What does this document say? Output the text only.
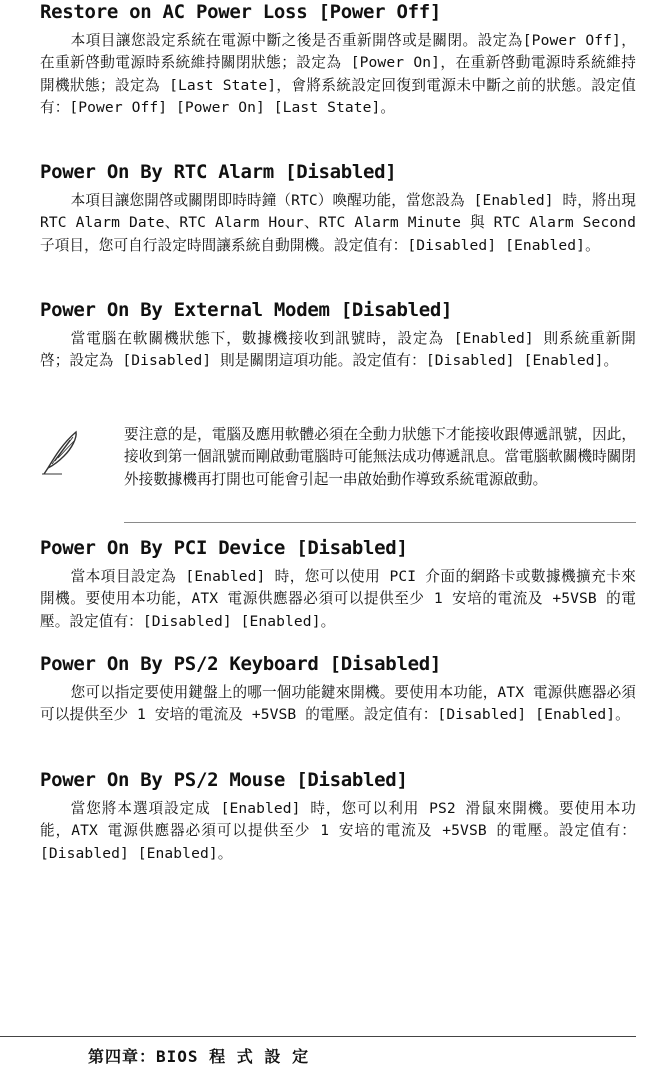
Restore on AC Power Loss [Power Off]

本項目讓您設定系統在電源中斷之後是否重新開啓或是關閉。設定為[Power Off]，在重新啓動電源時系統維持關閉狀態；設定為 [Power On]，在重新啓動電源時系統維持開機狀態；設定為 [Last State]，會將系統設定回復到電源未中斷之前的狀態。設定值有：[Power Off] [Power On] [Last State]。

Power On By RTC Alarm [Disabled]

本項目讓您開啓或關閉即時時鐘（RTC）喚醒功能，當您設為 [Enabled] 時，將出現 RTC Alarm Date、RTC Alarm Hour、RTC Alarm Minute 與 RTC Alarm Second 子項目，您可自行設定時間讓系統自動開機。設定值有：[Disabled] [Enabled]。

Power On By External Modem [Disabled]

當電腦在軟關機狀態下，數據機接收到訊號時，設定為 [Enabled] 則系統重新開啓；設定為 [Disabled] 則是關閉這項功能。設定值有：[Disabled] [Enabled]。

要注意的是，電腦及應用軟體必須在全動力狀態下才能接收跟傳遞訊號，因此，接收到第一個訊號而剛啟動電腦時可能無法成功傳遞訊息。當電腦軟關機時關閉外接數據機再打開也可能會引起一串啟始動作導致系統電源啟動。
Power On By PCI Device [Disabled]

當本項目設定為 [Enabled] 時，您可以使用 PCI 介面的網路卡或數據機擴充卡來開機。要使用本功能，ATX 電源供應器必須可以提供至少 1 安培的電流及 +5VSB 的電壓。設定值有：[Disabled] [Enabled]。

Power On By PS/2 Keyboard [Disabled]

您可以指定要使用鍵盤上的哪一個功能鍵來開機。要使用本功能，ATX 電源供應器必須可以提供至少 1 安培的電流及 +5VSB 的電壓。設定值有：[Disabled] [Enabled]。

Power On By PS/2 Mouse [Disabled]

當您將本選項設定成 [Enabled] 時，您可以利用 PS2 滑鼠來開機。要使用本功能，ATX 電源供應器必須可以提供至少 1 安培的電流及 +5VSB 的電壓。設定值有：[Disabled] [Enabled]。

第四章：BIOS 程 式 設 定
